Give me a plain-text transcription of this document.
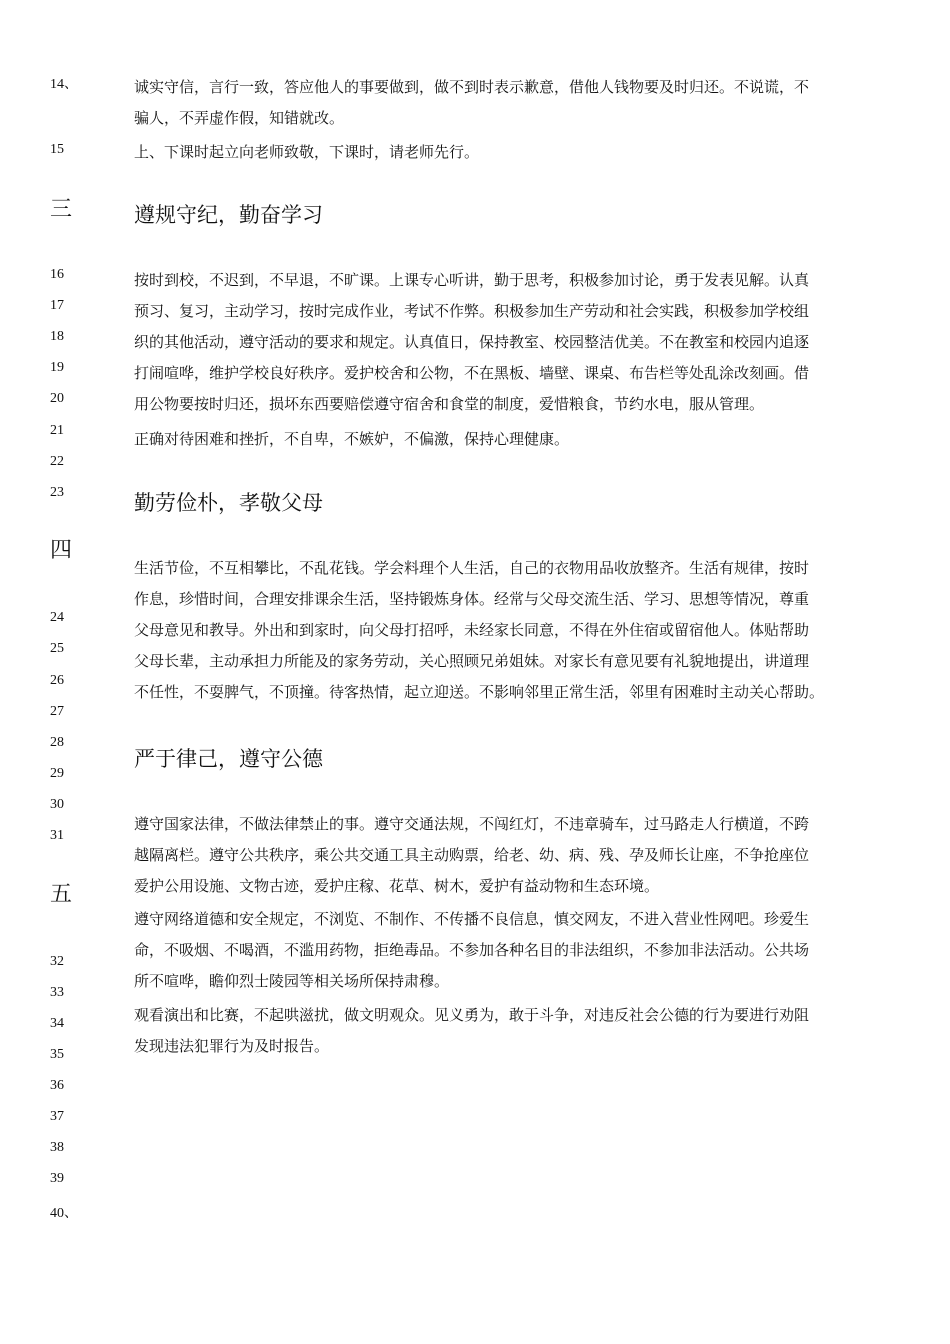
14、
15
16
17
18
19
20
21
22
23
24
25
26
27
28
29
30
31
32
33
34
35
36
37
38
39
40、
三
四
五
遵规守纪，勤奋学习
勤劳俭朴，孝敬父母
严于律己，遵守公德
诚实守信，言行一致，答应他人的事要做到，做不到时表示歉意，借他人钱物要及时归还。不说谎，不
骗人，不弄虚作假，知错就改。
上、下课时起立向老师致敬，下课时，请老师先行。
按时到校，不迟到，不早退，不旷课。上课专心听讲，勤于思考，积极参加讨论，勇于发表见解。认真
预习、复习，主动学习，按时完成作业，考试不作弊。积极参加生产劳动和社会实践，积极参加学校组
织的其他活动，遵守活动的要求和规定。认真值日，保持教室、校园整洁优美。不在教室和校园内追逐
打闹喧哗，维护学校良好秩序。爱护校舍和公物，不在黑板、墙壁、课桌、布告栏等处乱涂改刻画。借
用公物要按时归还，损坏东西要赔偿遵守宿舍和食堂的制度，爱惜粮食，节约水电，服从管理。
正确对待困难和挫折，不自卑，不嫉妒，不偏激，保持心理健康。
生活节俭，不互相攀比，不乱花钱。学会料理个人生活，自己的衣物用品收放整齐。生活有规律，按时
作息，珍惜时间，合理安排课余生活，坚持锻炼身体。经常与父母交流生活、学习、思想等情况，尊重
父母意见和教导。外出和到家时，向父母打招呼，未经家长同意，不得在外住宿或留宿他人。体贴帮助
父母长辈，主动承担力所能及的家务劳动，关心照顾兄弟姐妹。对家长有意见要有礼貌地提出，讲道理
不任性，不耍脾气，不顶撞。待客热情，起立迎送。不影响邻里正常生活，邻里有困难时主动关心帮助。
遵守国家法律，不做法律禁止的事。遵守交通法规，不闯红灯，不违章骑车，过马路走人行横道，不跨
越隔离栏。遵守公共秩序，乘公共交通工具主动购票，给老、幼、病、残、孕及师长让座，不争抢座位
爱护公用设施、文物古迹，爱护庄稼、花草、树木，爱护有益动物和生态环境。
遵守网络道德和安全规定，不浏览、不制作、不传播不良信息，慎交网友，不进入营业性网吧。珍爱生
命，不吸烟、不喝酒，不滥用药物，拒绝毒品。不参加各种名目的非法组织，不参加非法活动。公共场
所不喧哗，瞻仰烈士陵园等相关场所保持肃穆。
观看演出和比赛，不起哄滋扰，做文明观众。见义勇为，敢于斗争，对违反社会公德的行为要进行劝阻
发现违法犯罪行为及时报告。
